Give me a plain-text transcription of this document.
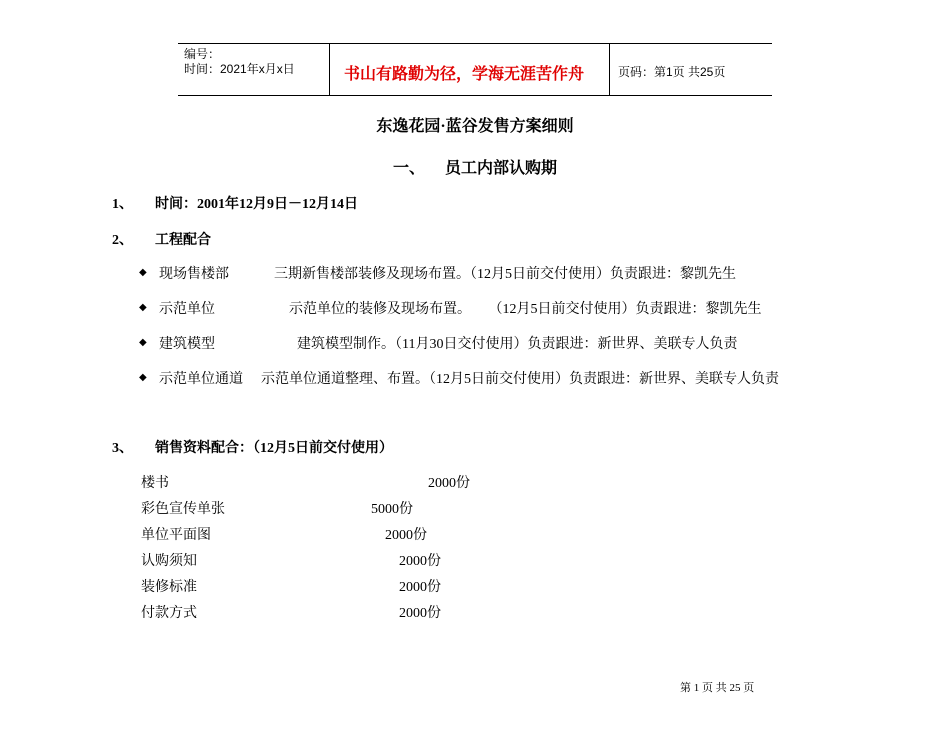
编号：
时间：2021年x月x日	书山有路勤为径，学海无涯苦作舟	页码：第1页 共25页
东逸花园·蓝谷发售方案细则
一、     员工内部认购期
1、 时间：2001年12月9日－12月14日
2、 工程配合
◆ 现场售楼部	三期新售楼部装修及现场布置。（12月5日前交付使用）负责跟进：黎凯先生
◆ 示范单位	示范单位的装修及现场布置。     （12月5日前交付使用）负责跟进：黎凯先生
◆ 建筑模型	建筑模型制作。（11月30日交付使用）负责跟进：新世界、美联专人负责
◆ 示范单位通道 示范单位通道整理、布置。（12月5日前交付使用）负责跟进：新世界、美联专人负责
3、 销售资料配合：（12月5日前交付使用）
楼书	2000份
彩色宣传单张	5000份
单位平面图	2000份
认购须知	2000份
装修标准	2000份
付款方式	2000份
第 1 页 共 25 页
